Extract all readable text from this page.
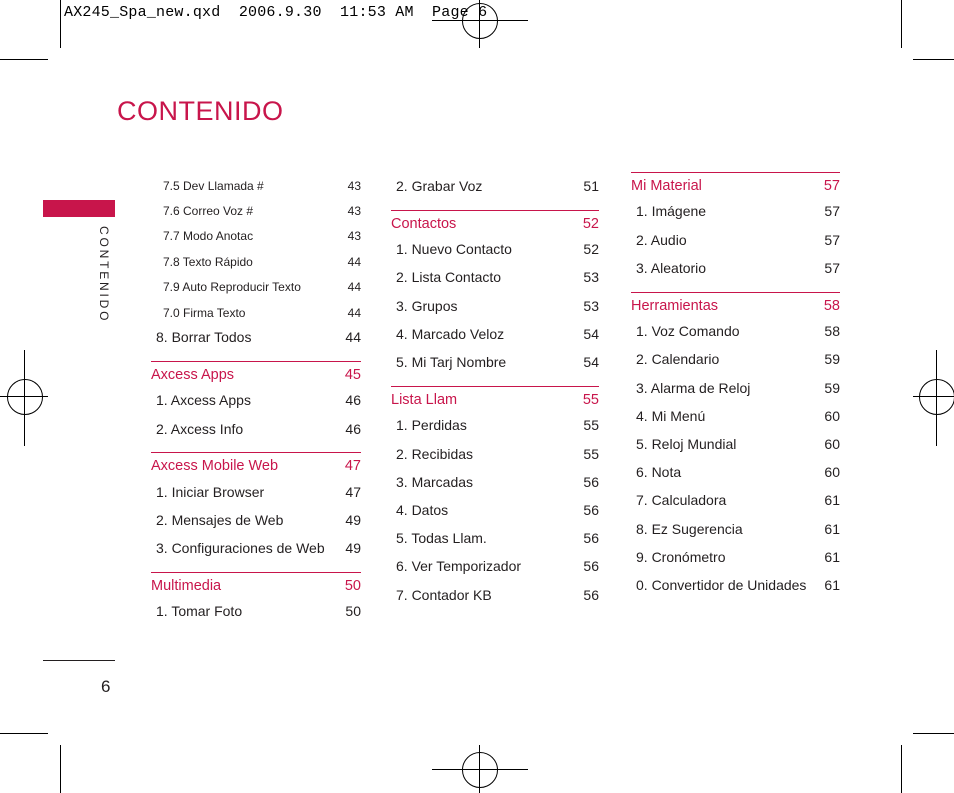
AX245_Spa_new.qxd  2006.9.30  11:53 AM  Page 6
CONTENIDO
CONTENIDO
6
7.5 Dev Llamada #	43
7.6 Correo Voz #	43
7.7 Modo Anotac	43
7.8 Texto Rápido	44
7.9 Auto Reproducir Texto	44
7.0 Firma Texto	44
8. Borrar Todos	44
Axcess Apps	45
1. Axcess Apps	46
2. Axcess Info	46
Axcess Mobile Web	47
1. Iniciar Browser	47
2. Mensajes de Web	49
3. Configuraciones de Web 49
Multimedia	50
1. Tomar Foto	50
2. Grabar Voz	51
Contactos	52
1. Nuevo Contacto	52
2. Lista Contacto	53
3. Grupos	53
4. Marcado Veloz	54
5. Mi Tarj Nombre	54
Lista Llam	55
1. Perdidas	55
2. Recibidas	55
3. Marcadas	56
4. Datos	56
5. Todas Llam.	56
6. Ver Temporizador	56
7. Contador KB	56
Mi Material	57
1. Imágene	57
2. Audio	57
3. Aleatorio	57
Herramientas	58
1. Voz Comando	58
2. Calendario	59
3. Alarma de Reloj	59
4. Mi Menú	60
5. Reloj Mundial	60
6. Nota	60
7. Calculadora	61
8. Ez Sugerencia	61
9. Cronómetro	61
0. Convertidor de Unidades 61
